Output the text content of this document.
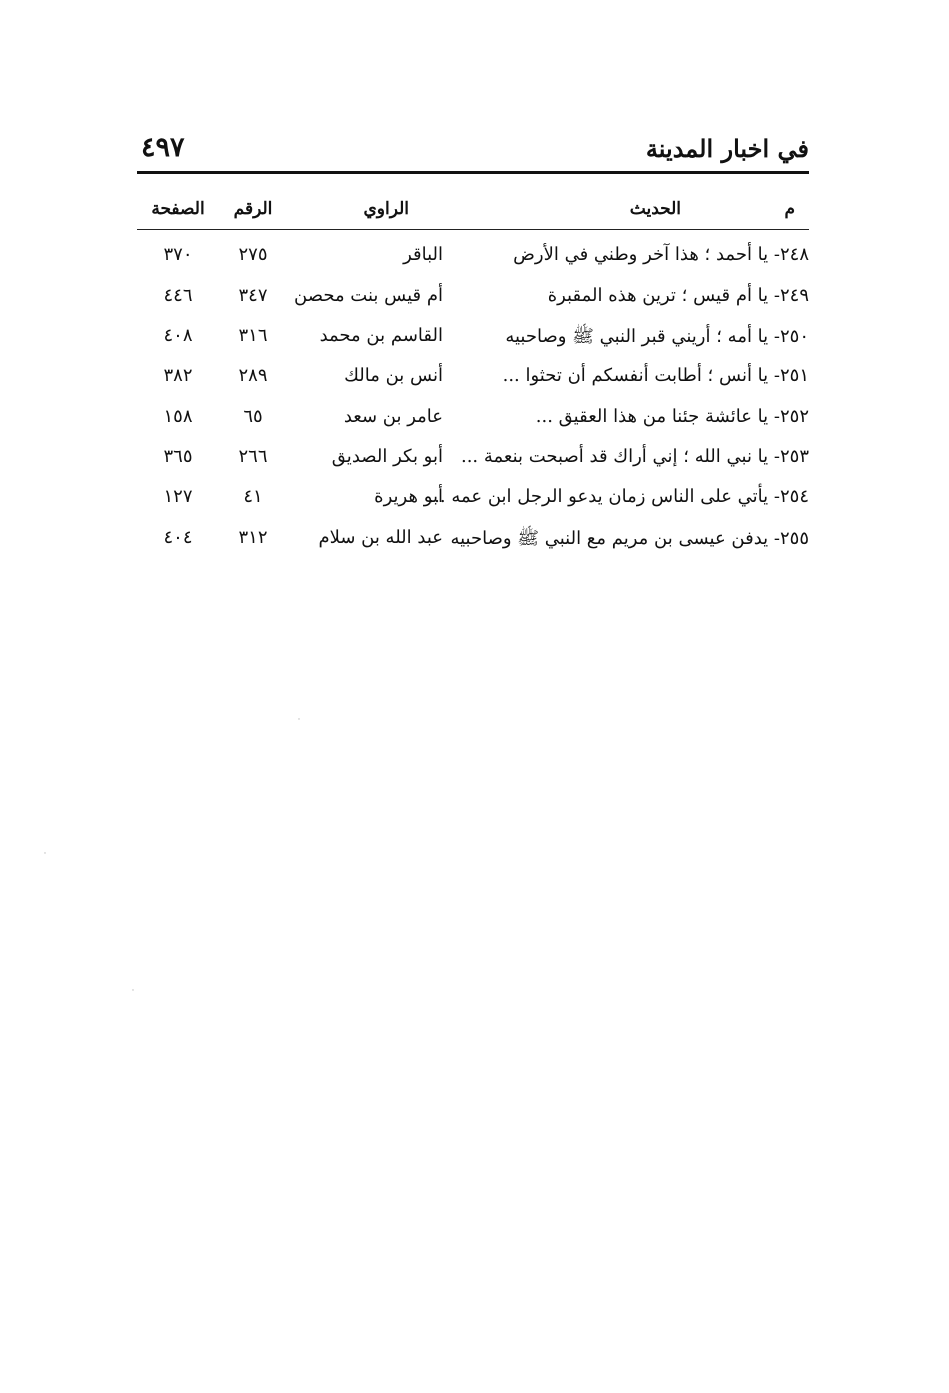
٤٩٧	في اخبار المدينة
م
الحديث
الراوي
الرقم
الصفحة
٢٤٨- يا أحمد ؛ هذا آخر وطني في الأرض
الباقر
٢٧٥
٣٧٠
٢٤٩- يا أم قيس ؛ ترين هذه المقبرة
أم قيس بنت محصن
٣٤٧
٤٤٦
٢٥٠- يا أمه ؛ أريني قبر النبي ﷺ وصاحبيه
القاسم بن محمد
٣١٦
٤٠٨
٢٥١- يا أنس ؛ أطابت أنفسكم أن تحثوا ...
أنس بن مالك
٢٨٩
٣٨٢
٢٥٢- يا عائشة جئنا من هذا العقيق ...
عامر بن سعد
٦٥
١٥٨
٢٥٣- يا نبي الله ؛ إني أراك قد أصبحت بنعمة ...
أبو بكر الصديق
٢٦٦
٣٦٥
٢٥٤- يأتي على الناس زمان يدعو الرجل ابن عمه ...
أبو هريرة
٤١
١٢٧
٢٥٥- يدفن عيسى بن مريم مع النبي ﷺ وصاحبيه
عبد الله بن سلام
٣١٢
٤٠٤
